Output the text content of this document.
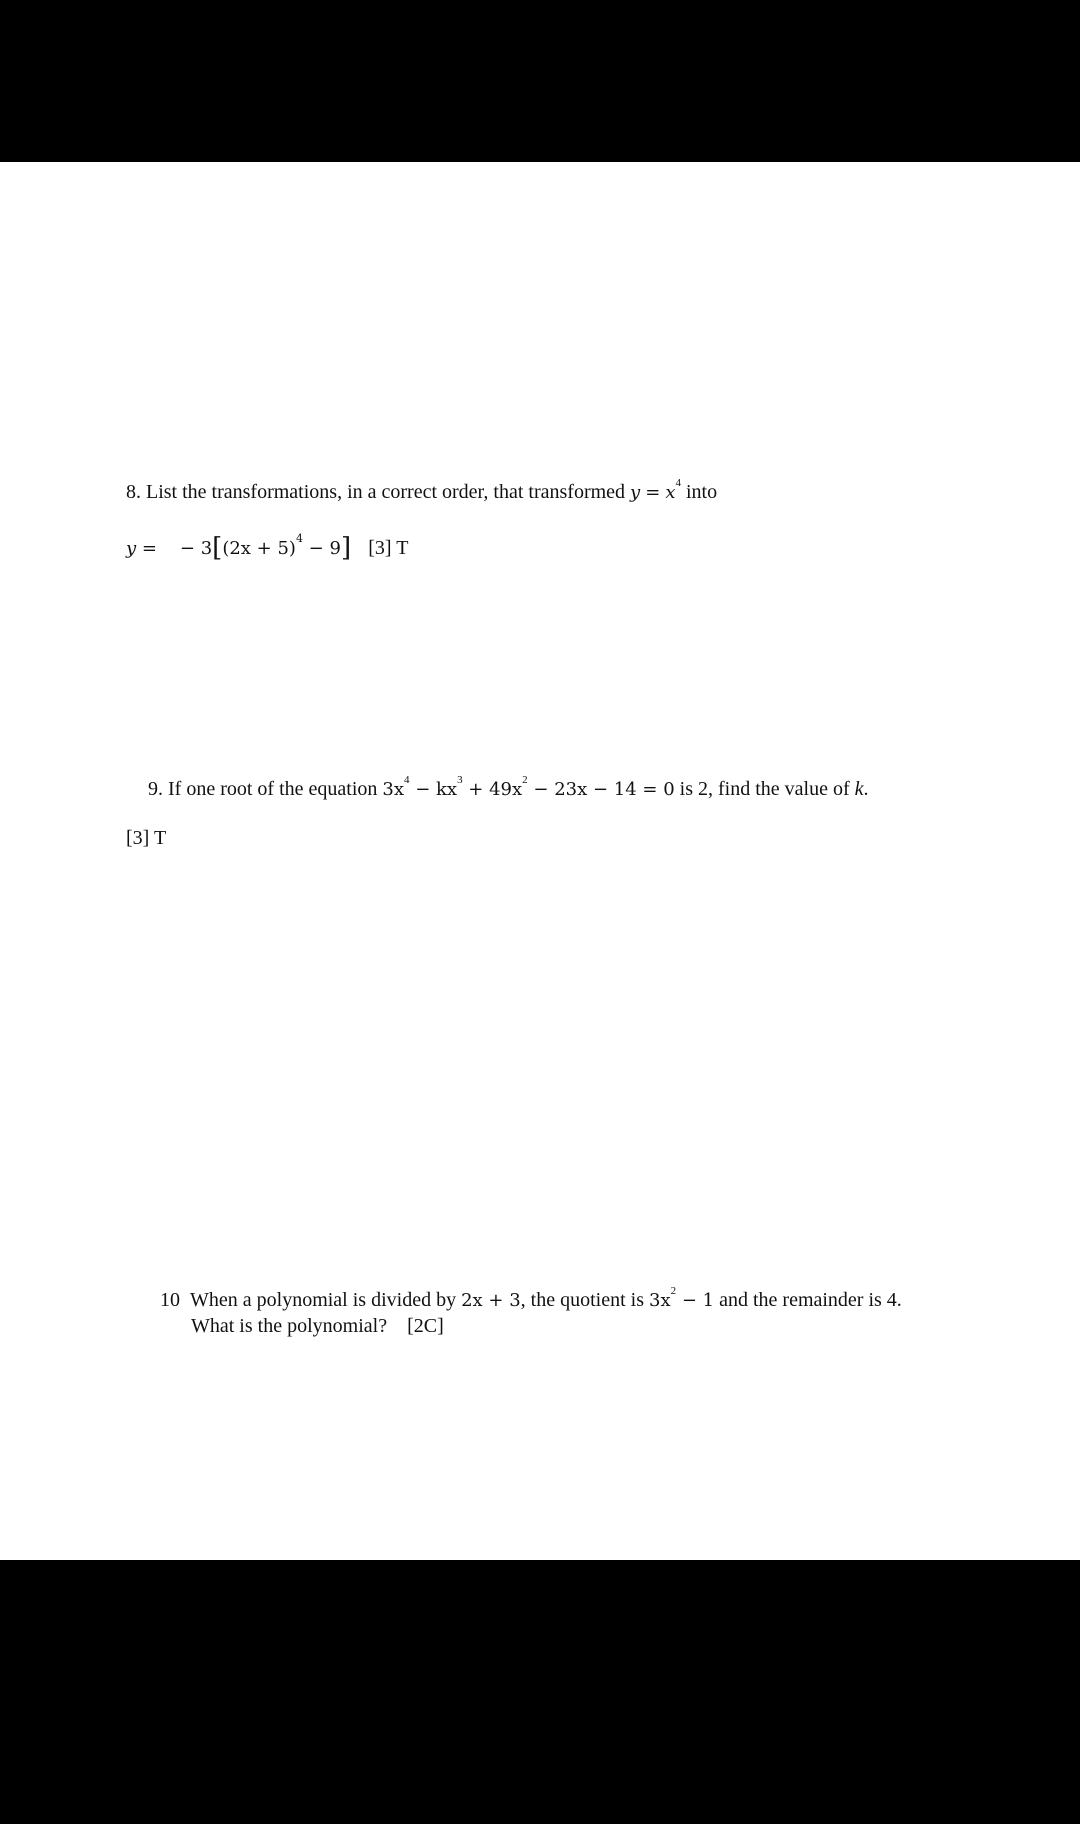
8. List the transformations, in a correct order, that transformed $y = x^4$ into
y = − $3[(2x + 5)^4 - 9]$ [3] T
9. If one root of the equation $3x^4 - kx^3 + 49x^2 - 23x - 14 = 0$ is 2, find the value of k.
[3] T
10 When a polynomial is divided by 2x + 3, the quotient is $3x^2 - 1$ and the remainder is 4.
What is the polynomial? [2C]
